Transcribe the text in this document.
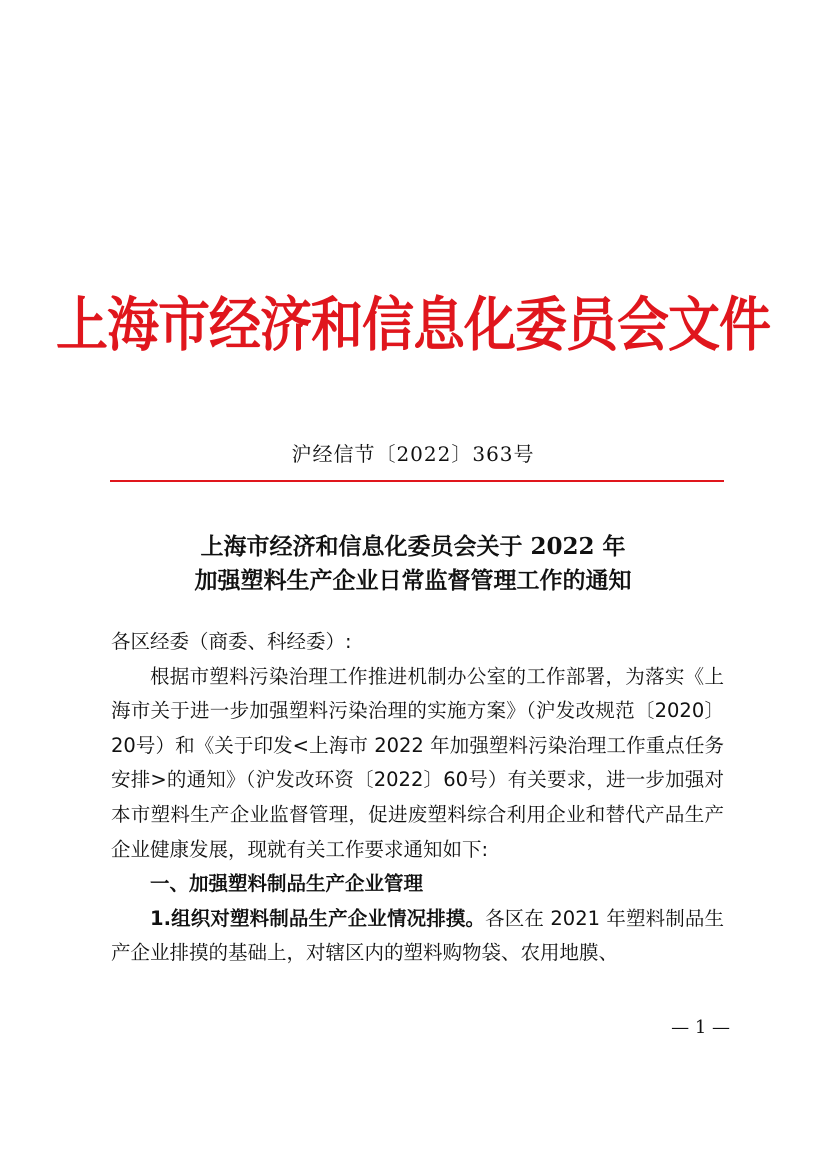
上海市经济和信息化委员会文件
沪经信节〔2022〕363号
上海市经济和信息化委员会关于 2022 年
加强塑料生产企业日常监督管理工作的通知

各区经委（商委、科经委）:

根据市塑料污染治理工作推进机制办公室的工作部署，为落实《上海市关于进一步加强塑料污染治理的实施方案》（沪发改规范〔2020〕20号）和《关于印发<上海市 2022 年加强塑料污染治理工作重点任务安排>的通知》（沪发改环资〔2022〕60号）有关要求，进一步加强对本市塑料生产企业监督管理，促进废塑料综合利用企业和替代产品生产企业健康发展，现就有关工作要求通知如下:

一、加强塑料制品生产企业管理

1.组织对塑料制品生产企业情况排摸。各区在 2021 年塑料制品生产企业排摸的基础上，对辖区内的塑料购物袋、农用地膜、

— 1 —
